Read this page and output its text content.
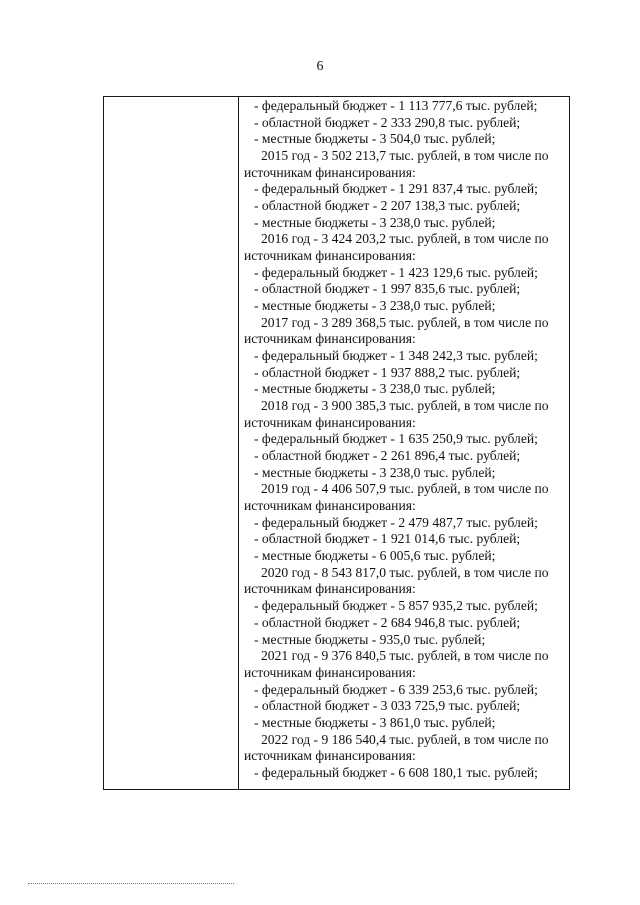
6
- федеральный бюджет - 1 113 777,6 тыс. рублей;
- областной бюджет - 2 333 290,8 тыс. рублей;
- местные бюджеты - 3 504,0 тыс. рублей;
2015 год - 3 502 213,7 тыс. рублей, в том числе по
источникам финансирования:
- федеральный бюджет - 1 291 837,4 тыс. рублей;
- областной бюджет - 2 207 138,3 тыс. рублей;
- местные бюджеты - 3 238,0 тыс. рублей;
2016 год - 3 424 203,2 тыс. рублей, в том числе по
источникам финансирования:
- федеральный бюджет - 1 423 129,6 тыс. рублей;
- областной бюджет - 1 997 835,6 тыс. рублей;
- местные бюджеты - 3 238,0 тыс. рублей;
2017 год - 3 289 368,5 тыс. рублей, в том числе по
источникам финансирования:
- федеральный бюджет - 1 348 242,3 тыс. рублей;
- областной бюджет - 1 937 888,2 тыс. рублей;
- местные бюджеты - 3 238,0 тыс. рублей;
2018 год - 3 900 385,3 тыс. рублей, в том числе по
источникам финансирования:
- федеральный бюджет - 1 635 250,9 тыс. рублей;
- областной бюджет - 2 261 896,4 тыс. рублей;
- местные бюджеты - 3 238,0 тыс. рублей;
2019 год - 4 406 507,9 тыс. рублей, в том числе по
источникам финансирования:
- федеральный бюджет - 2 479 487,7 тыс. рублей;
- областной бюджет - 1 921 014,6 тыс. рублей;
- местные бюджеты - 6 005,6 тыс. рублей;
2020 год - 8 543 817,0 тыс. рублей, в том числе по
источникам финансирования:
- федеральный бюджет - 5 857 935,2 тыс. рублей;
- областной бюджет - 2 684 946,8 тыс. рублей;
- местные бюджеты - 935,0 тыс. рублей;
2021 год - 9 376 840,5 тыс. рублей, в том числе по
источникам финансирования:
- федеральный бюджет - 6 339 253,6 тыс. рублей;
- областной бюджет - 3 033 725,9 тыс. рублей;
- местные бюджеты - 3 861,0 тыс. рублей;
2022 год - 9 186 540,4 тыс. рублей, в том числе по
источникам финансирования:
- федеральный бюджет - 6 608 180,1 тыс. рублей;
